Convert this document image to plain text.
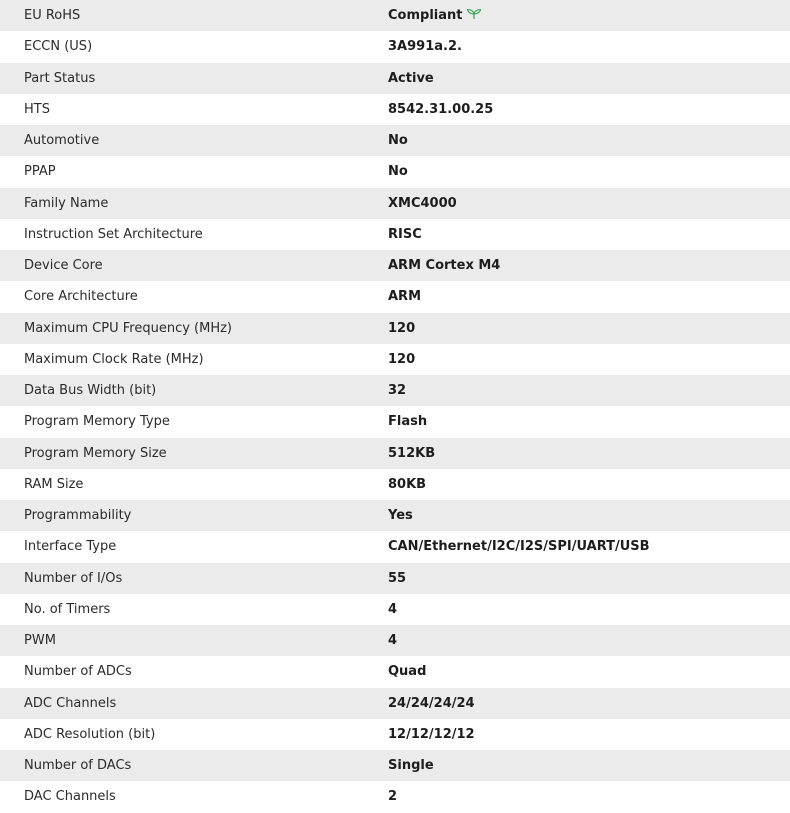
EU RoHS	Compliant
ECCN (US)	3A991a.2.
Part Status	Active
HTS	8542.31.00.25
Automotive	No
PPAP	No
Family Name	XMC4000
Instruction Set Architecture	RISC
Device Core	ARM Cortex M4
Core Architecture	ARM
Maximum CPU Frequency (MHz)	120
Maximum Clock Rate (MHz)	120
Data Bus Width (bit)	32
Program Memory Type	Flash
Program Memory Size	512KB
RAM Size	80KB
Programmability	Yes
Interface Type	CAN/Ethernet/I2C/I2S/SPI/UART/USB
Number of I/Os	55
No. of Timers	4
PWM	4
Number of ADCs	Quad
ADC Channels	24/24/24/24
ADC Resolution (bit)	12/12/12/12
Number of DACs	Single
DAC Channels	2
